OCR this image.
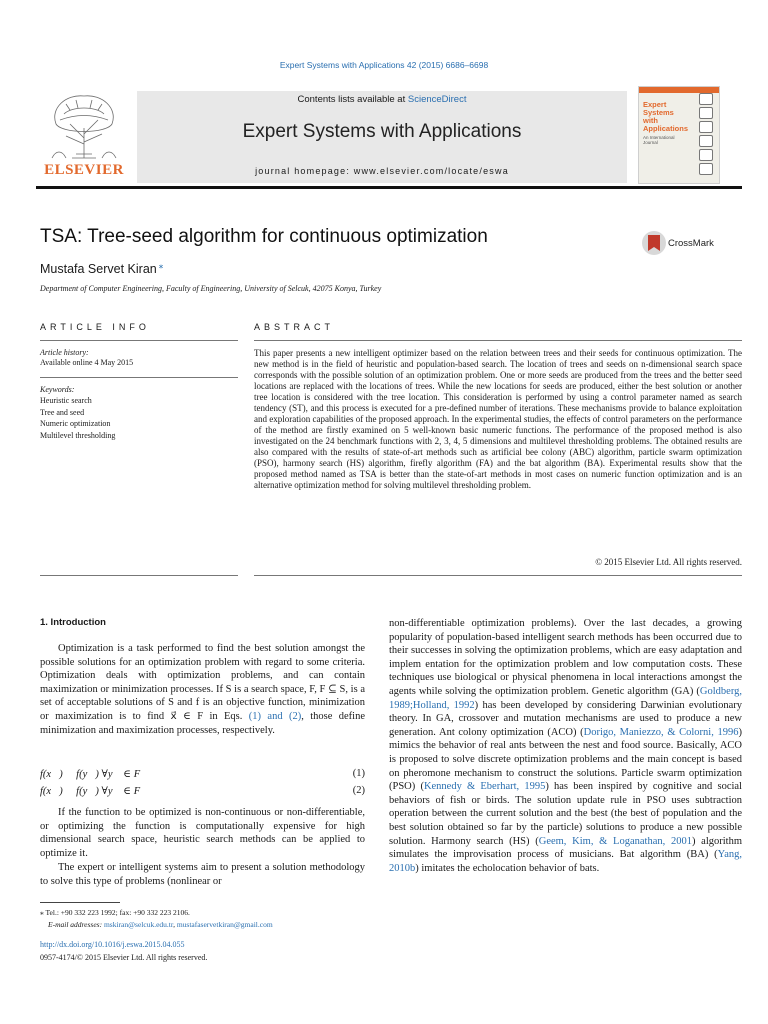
Expert Systems with Applications 42 (2015) 6686–6698
ELSEVIER
Contents lists available at ScienceDirect
Expert Systems with Applications
journal homepage: www.elsevier.com/locate/eswa
Expert
Systems
with
Applications
An International
Journal
TSA: Tree-seed algorithm for continuous optimization	CrossMark
Mustafa Servet Kiran ⁎
Department of Computer Engineering, Faculty of Engineering, University of Selcuk, 42075 Konya, Turkey
ARTICLE INFO
Article history:
Available online 4 May 2015
Keywords:
Heuristic search
Tree and seed
Numeric optimization
Multilevel thresholding
ABSTRACT
This paper presents a new intelligent optimizer based on the relation between trees and their seeds for continuous optimization. The new method is in the field of heuristic and population-based search. The location of trees and seeds on n-dimensional search space corresponds with the possible solution of an optimization problem. One or more seeds are produced from the trees and the better seed locations are replaced with the locations of trees. While the new locations for seeds are produced, either the best solution or another tree location is considered with the tree location. This consideration is performed by using a control parameter named as search tendency (ST), and this process is executed for a pre-defined number of iterations. These mechanisms provide to balance exploitation and exploration capabilities of the proposed approach. In the experimental studies, the effects of control parameters on the performance of the method are firstly examined on 5 well-known basic numeric functions. The performance of the proposed method is also investigated on the 24 benchmark functions with 2, 3, 4, 5 dimensions and multilevel thresholding problems. The obtained results are also compared with the results of state-of-art methods such as artificial bee colony (ABC) algorithm, particle swarm optimization (PSO), harmony search (HS) algorithm, firefly algorithm (FA) and the bat algorithm (BA). Experimental results show that the proposed method named as TSA is better than the state-of-art methods in most cases on numeric function optimization and is an alternative optimization method for solving multilevel thresholding problem.
© 2015 Elsevier Ltd. All rights reserved.
1. Introduction
Optimization is a task performed to find the best solution amongst the possible solutions for an optimization problem with regard to some criteria. Optimization deals with optimization problems, and can contain maximization or minimization processes. If S is a search space, F, F ⊆ S, is a set of acceptable solutions of S and f is an objective function, minimization or maximization is to find x⃗ ∈ F in Eqs. (1) and (2), those define minimization and maximization processes, respectively.
f(x⃗) ⩽ f(y⃗) ∀y⃗ ∈ F	(1)
f(x⃗) ⩾ f(y⃗) ∀y⃗ ∈ F	(2)
If the function to be optimized is non-continuous or non-differentiable, or optimizing the function is computationally expensive for high dimensional search space, heuristic search methods can be applied to optimize it.
The expert or intelligent systems aim to present a solution methodology to solve this type of problems (nonlinear or
non-differentiable optimization problems). Over the last decades, a growing popularity of population-based intelligent search methods has been occurred due to their successes in solving the optimization problems, which are easy adaptation and implem entation for the optimization problem and low computation costs. These techniques use biological or physical phenomena in local interactions amongst the agents while solving the optimization problem. Genetic algorithm (GA) (Goldberg, 1989;Holland, 1992) has been developed by considering Darwinian evolutionary theory. In GA, crossover and mutation mechanisms are used to produce a new generation. Ant colony optimization (ACO) (Dorigo, Maniezzo, & Colorni, 1996) mimics the behavior of real ants between the nest and food source. Basically, ACO is proposed to solve discrete optimization problems and the main concept is based on pheromone mechanism to construct the solutions. Particle swarm optimization (PSO) (Kennedy & Eberhart, 1995) has been inspired by cognitive and social behaviors of fish or birds. The solution update rule in PSO uses subtraction operation between the current solution and the best (the best of population and the best solution obtained so far by the particle) solutions to produce a new possible solution. Harmony search (HS) (Geem, Kim, & Loganathan, 2001) algorithm simulates the improvisation process of musicians. Bat algorithm (BA) (Yang, 2010b) imitates the echolocation behavior of bats.
⁎ Tel.: +90 332 223 1992; fax: +90 332 223 2106.
E-mail addresses: mskiran@selcuk.edu.tr, mustafaservetkiran@gmail.com
http://dx.doi.org/10.1016/j.eswa.2015.04.055
0957-4174/© 2015 Elsevier Ltd. All rights reserved.
